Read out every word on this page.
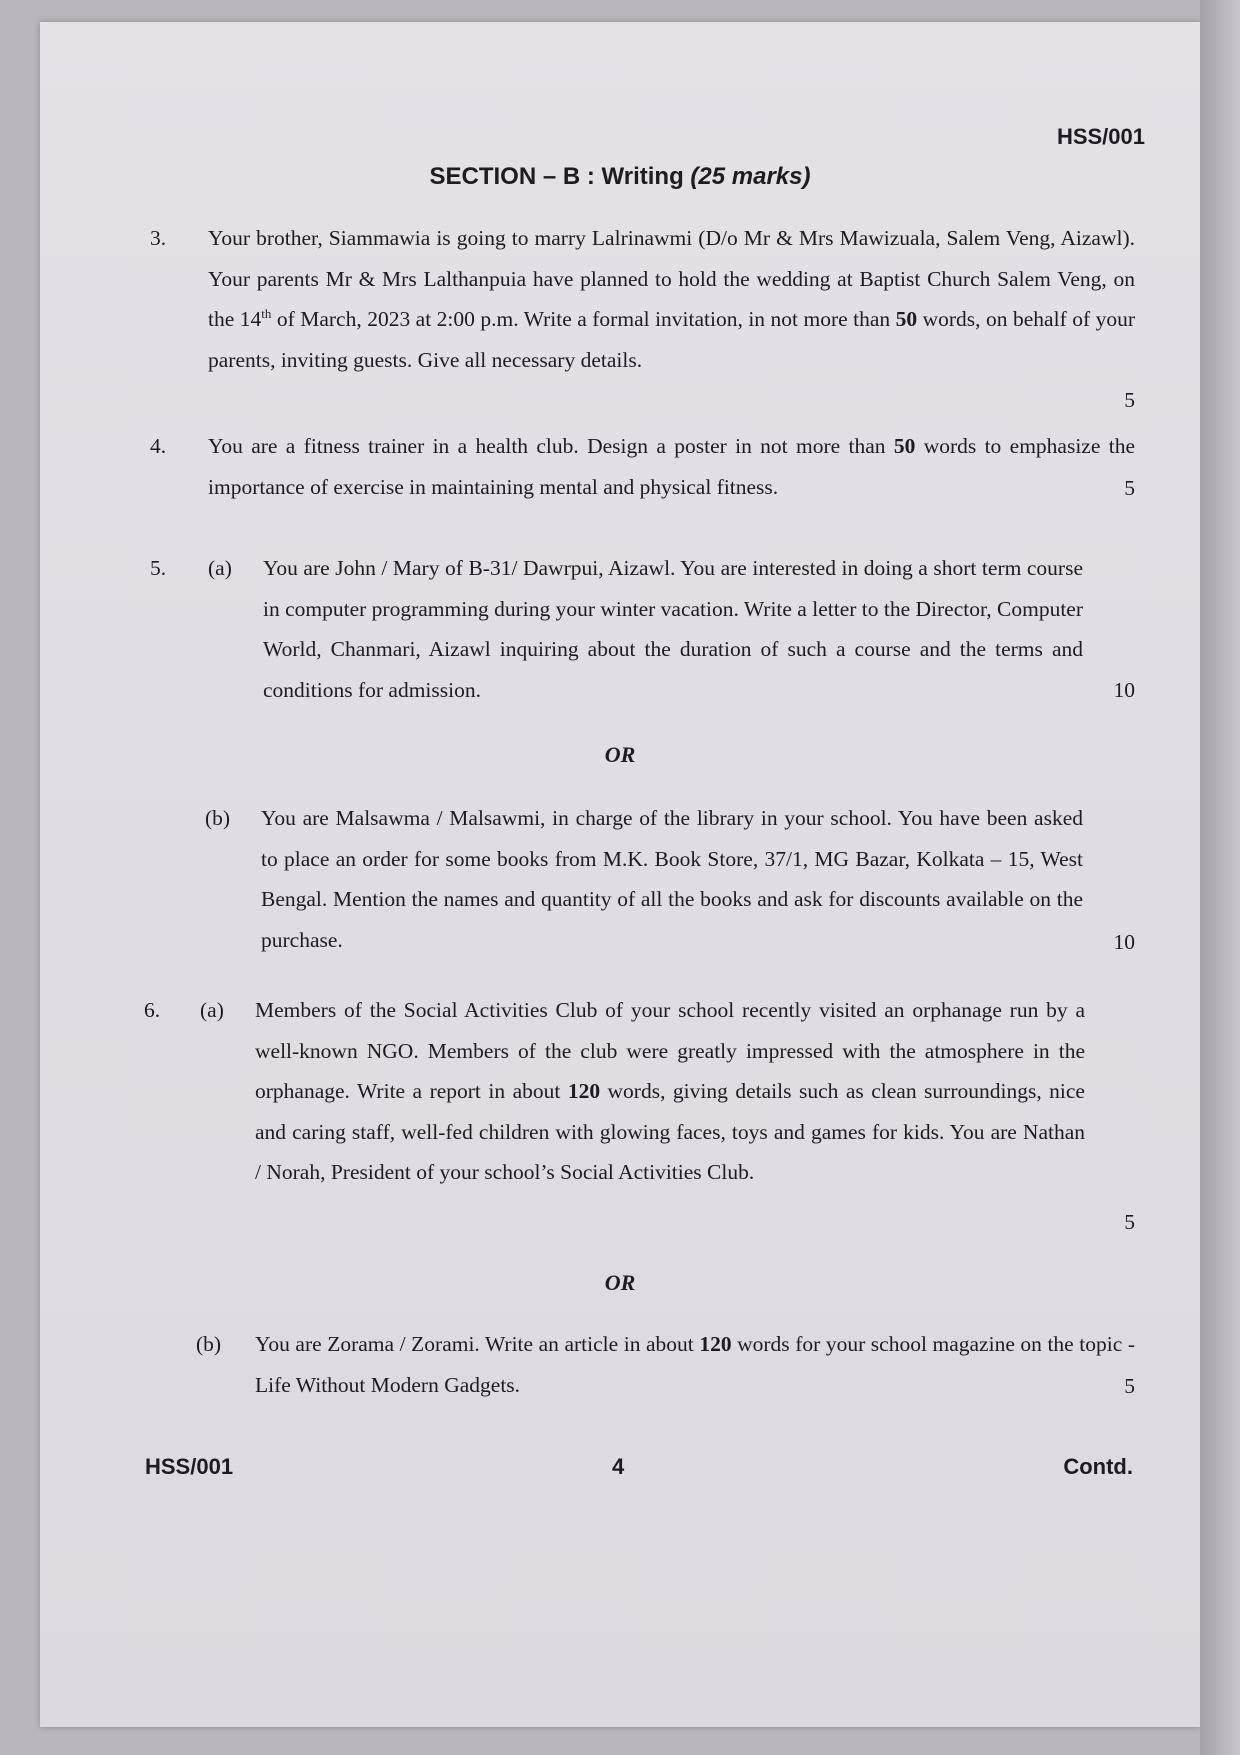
HSS/001
SECTION – B : Writing (25 marks)
3. Your brother, Siammawia is going to marry Lalrinawmi (D/o Mr & Mrs Mawizuala, Salem Veng, Aizawl). Your parents Mr & Mrs Lalthanpuia have planned to hold the wedding at Baptist Church Salem Veng, on the 14th of March, 2023 at 2:00 p.m. Write a formal invitation, in not more than 50 words, on behalf of your parents, inviting guests. Give all necessary details.
5
4. You are a fitness trainer in a health club. Design a poster in not more than 50 words to emphasize the importance of exercise in maintaining mental and physical fitness.	5
5. (a) You are John / Mary of B-31/ Dawrpui, Aizawl. You are interested in doing a short term course in computer programming during your winter vacation. Write a letter to the Director, Computer World, Chanmari, Aizawl inquiring about the duration of such a course and the terms and conditions for admission.	10
OR
(b) You are Malsawma / Malsawmi, in charge of the library in your school. You have been asked to place an order for some books from M.K. Book Store, 37/1, MG Bazar, Kolkata – 15, West Bengal. Mention the names and quantity of all the books and ask for discounts available on the purchase.	10
6. (a) Members of the Social Activities Club of your school recently visited an orphanage run by a well-known NGO. Members of the club were greatly impressed with the atmosphere in the orphanage. Write a report in about 120 words, giving details such as clean surroundings, nice and caring staff, well-fed children with glowing faces, toys and games for kids. You are Nathan / Norah, President of your school’s Social Activities Club.
5
OR
(b) You are Zorama / Zorami. Write an article in about 120 words for your school magazine on the topic - Life Without Modern Gadgets.	5
HSS/001	4	Contd.
